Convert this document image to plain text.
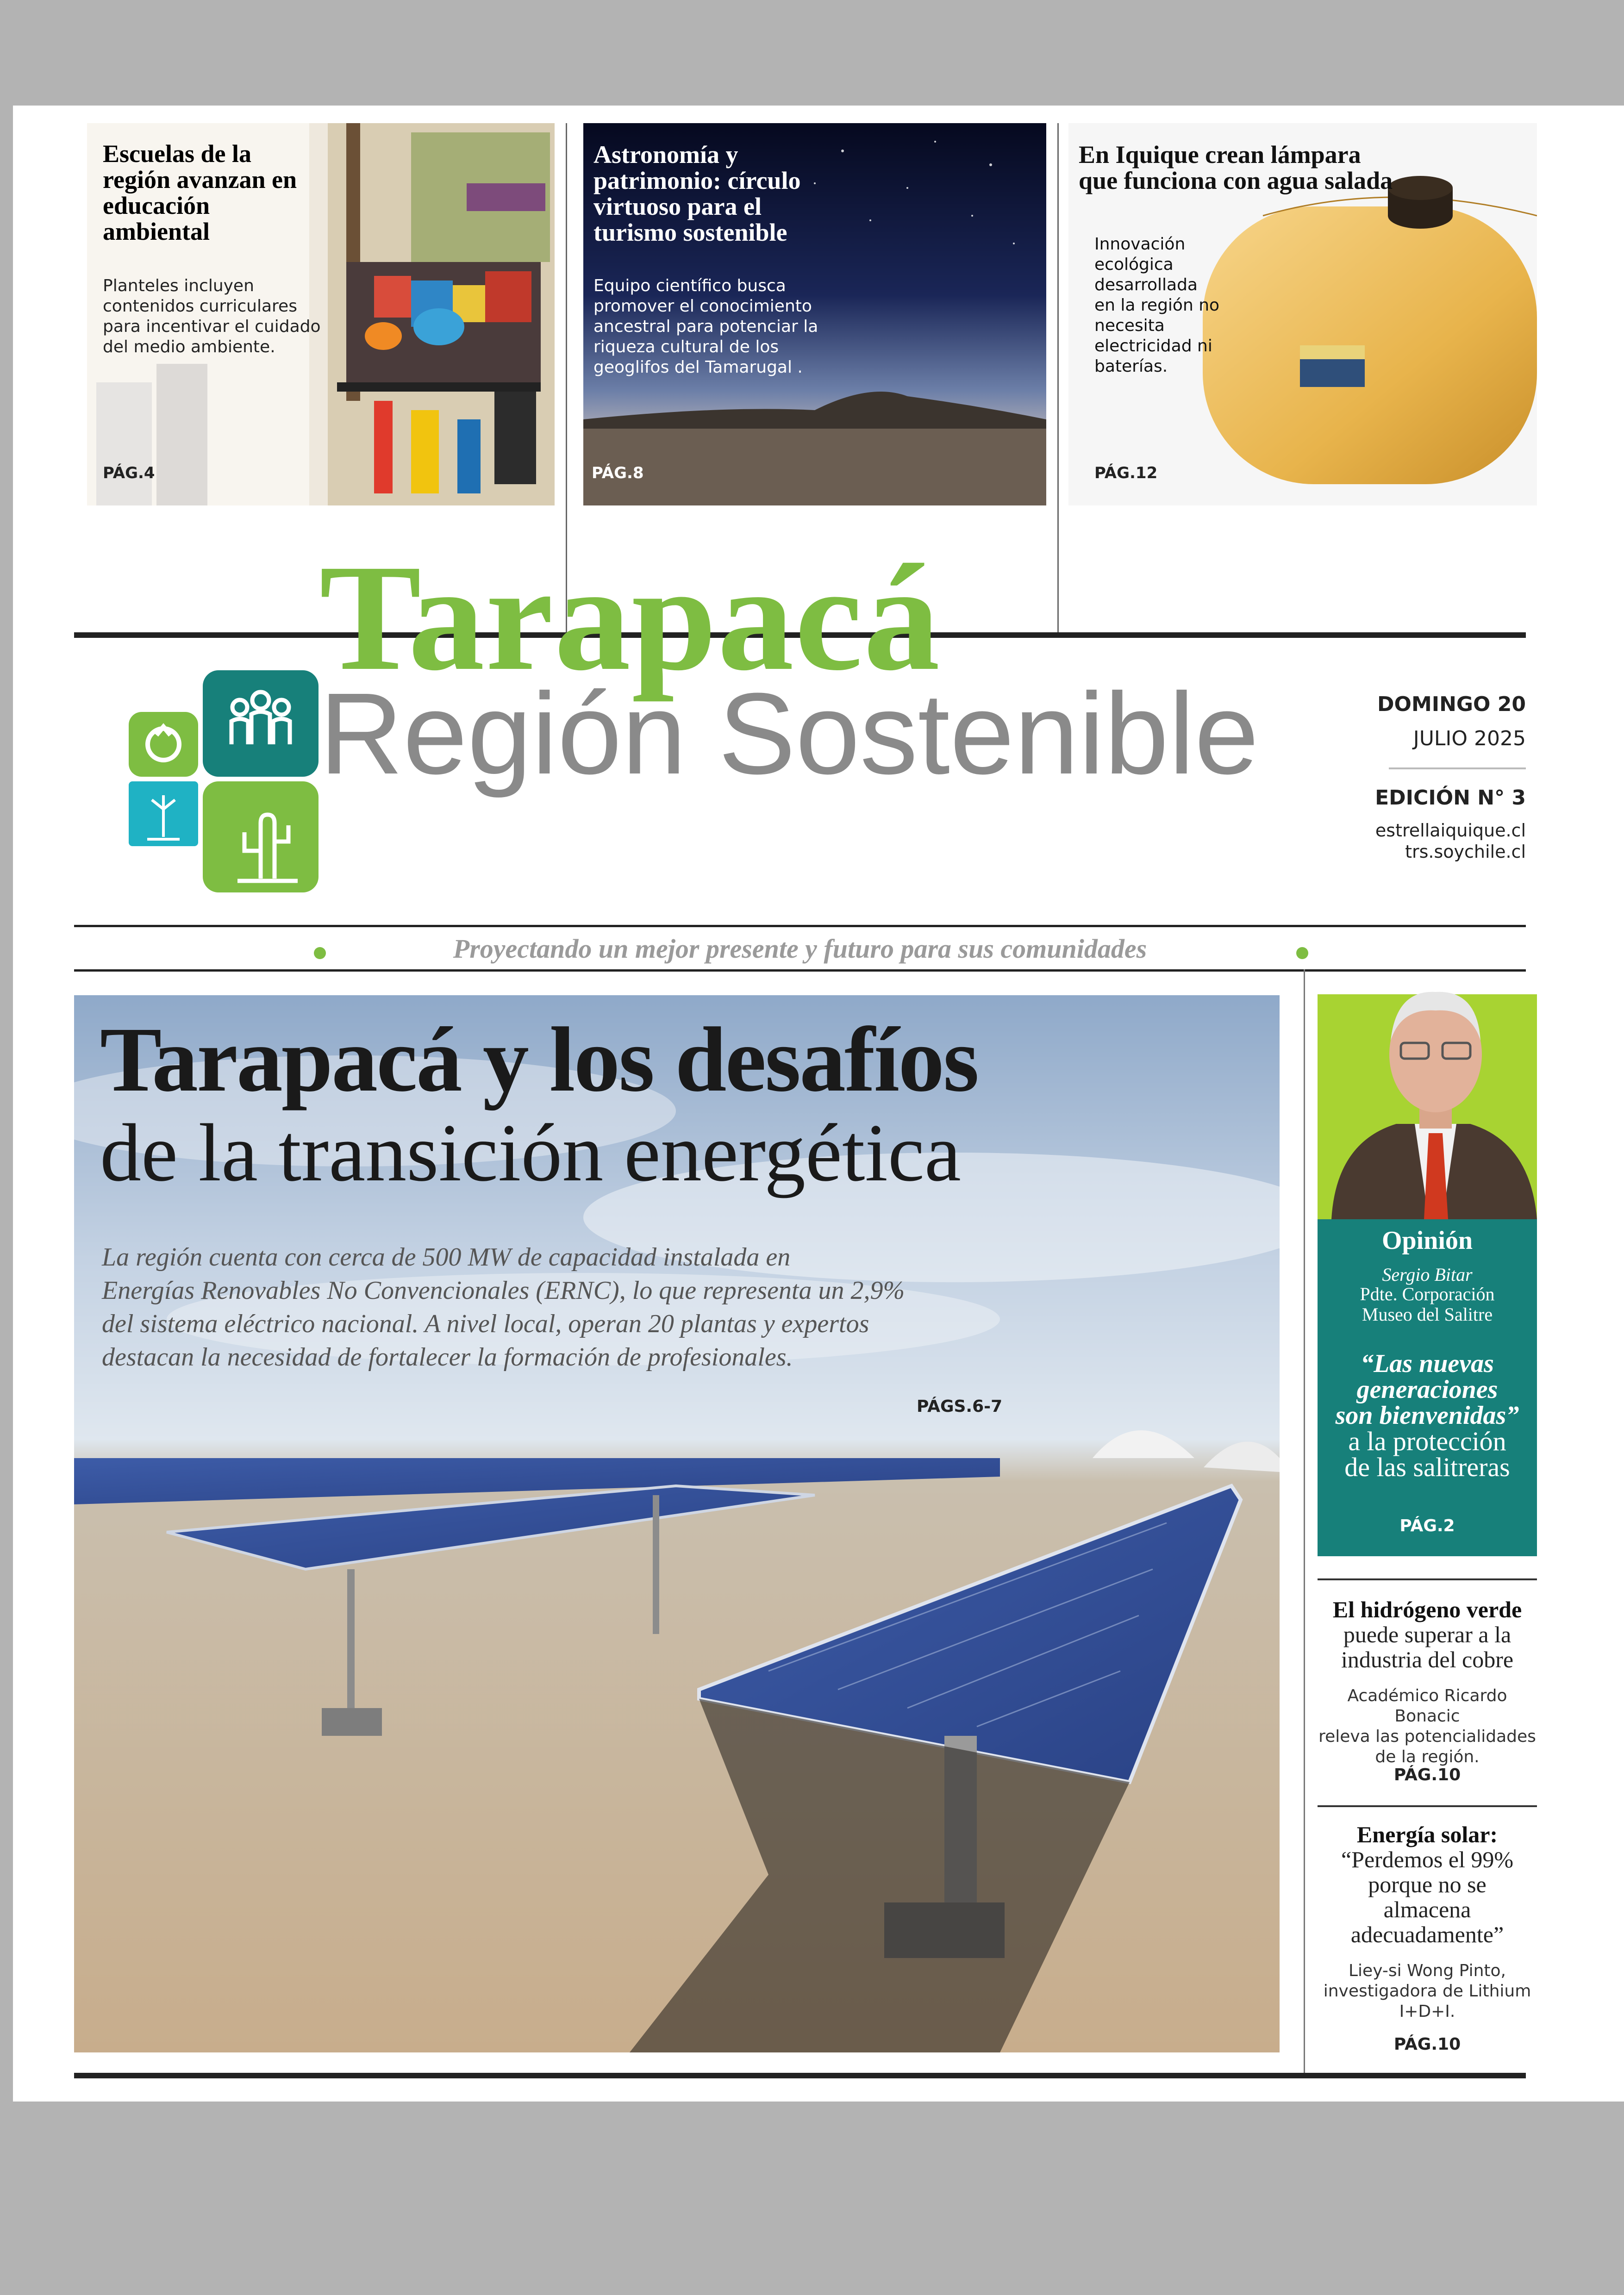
Escuelas de la
región avanzan en
educación
ambiental
Planteles incluyen
contenidos curriculares
para incentivar el cuidado
del medio ambiente.
PÁG.4
Astronomía y
patrimonio: círculo
virtuoso para el
turismo sostenible
Equipo científico busca
promover el conocimiento
ancestral para potenciar la
riqueza cultural de los
geoglifos del Tamarugal .
PÁG.8
En Iquique crean lámpara
que funciona con agua salada
Innovación
ecológica
desarrollada
en la región no
necesita
electricidad ni
baterías.
PÁG.12
Tarapacá
Región Sostenible	DOMINGO 20
JULIO 2025
EDICIÓN N° 3
estrellaiquique.cl
trs.soychile.cl
Proyectando un mejor presente y futuro para sus comunidades
Tarapacá y los desafíos
de la transición energética
La región cuenta con cerca de 500 MW de capacidad instalada en
Energías Renovables No Convencionales (ERNC), lo que representa un 2,9%
del sistema eléctrico nacional. A nivel local, operan 20 plantas y expertos
destacan la necesidad de fortalecer la formación de profesionales.
PÁGS.6-7
Opinión
Sergio Bitar
Pdte. Corporación
Museo del Salitre
“Las nuevas
generaciones
son bienvenidas”
a la protección
de las salitreras
PÁG.2
El hidrógeno verde
puede superar a la
industria del cobre
Académico Ricardo Bonacic
releva las potencialidades
de la región.
PÁG.10
Energía solar:
“Perdemos el 99%
porque no se
almacena
adecuadamente”
Liey-si Wong Pinto,
investigadora de Lithium
I+D+I.
PÁG.10
